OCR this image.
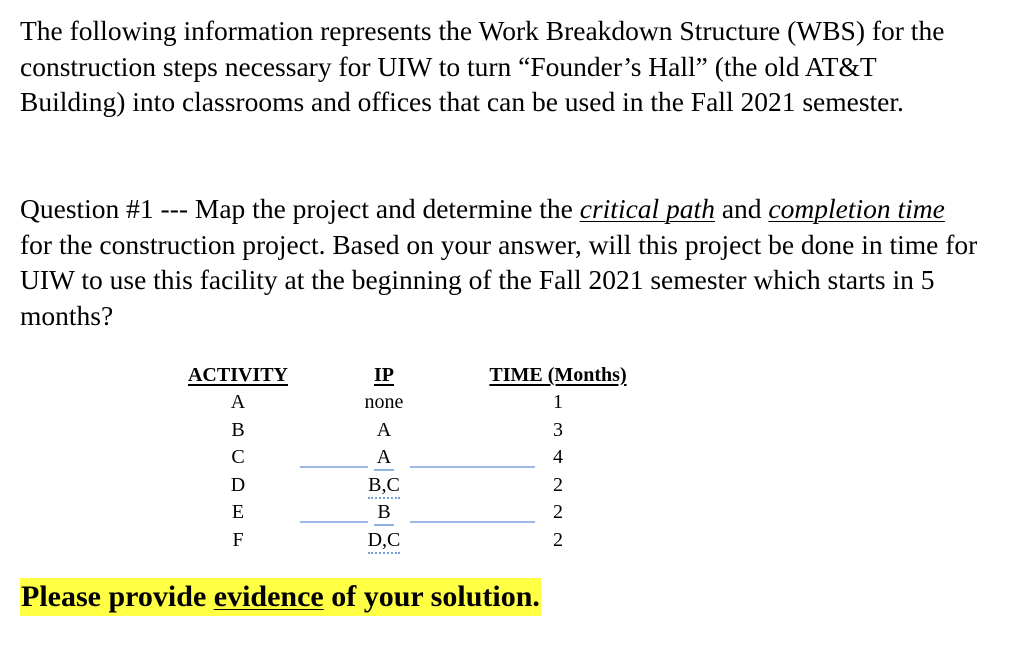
The following information represents the Work Breakdown Structure (WBS) for the construction steps necessary for UIW to turn “Founder’s Hall” (the old AT&T Building) into classrooms and offices that can be used in the Fall 2021 semester.

Question #1 --- Map the project and determine the critical path and completion time for the construction project. Based on your answer, will this project be done in time for UIW to use this facility at the beginning of the Fall 2021 semester which starts in 5 months?

ACTIVITY	IP	TIME (Months)
A	none	1
B	A	3
C	A	4
D	B,C	2
E	B	2
F	D,C	2
Please provide evidence of your solution.
